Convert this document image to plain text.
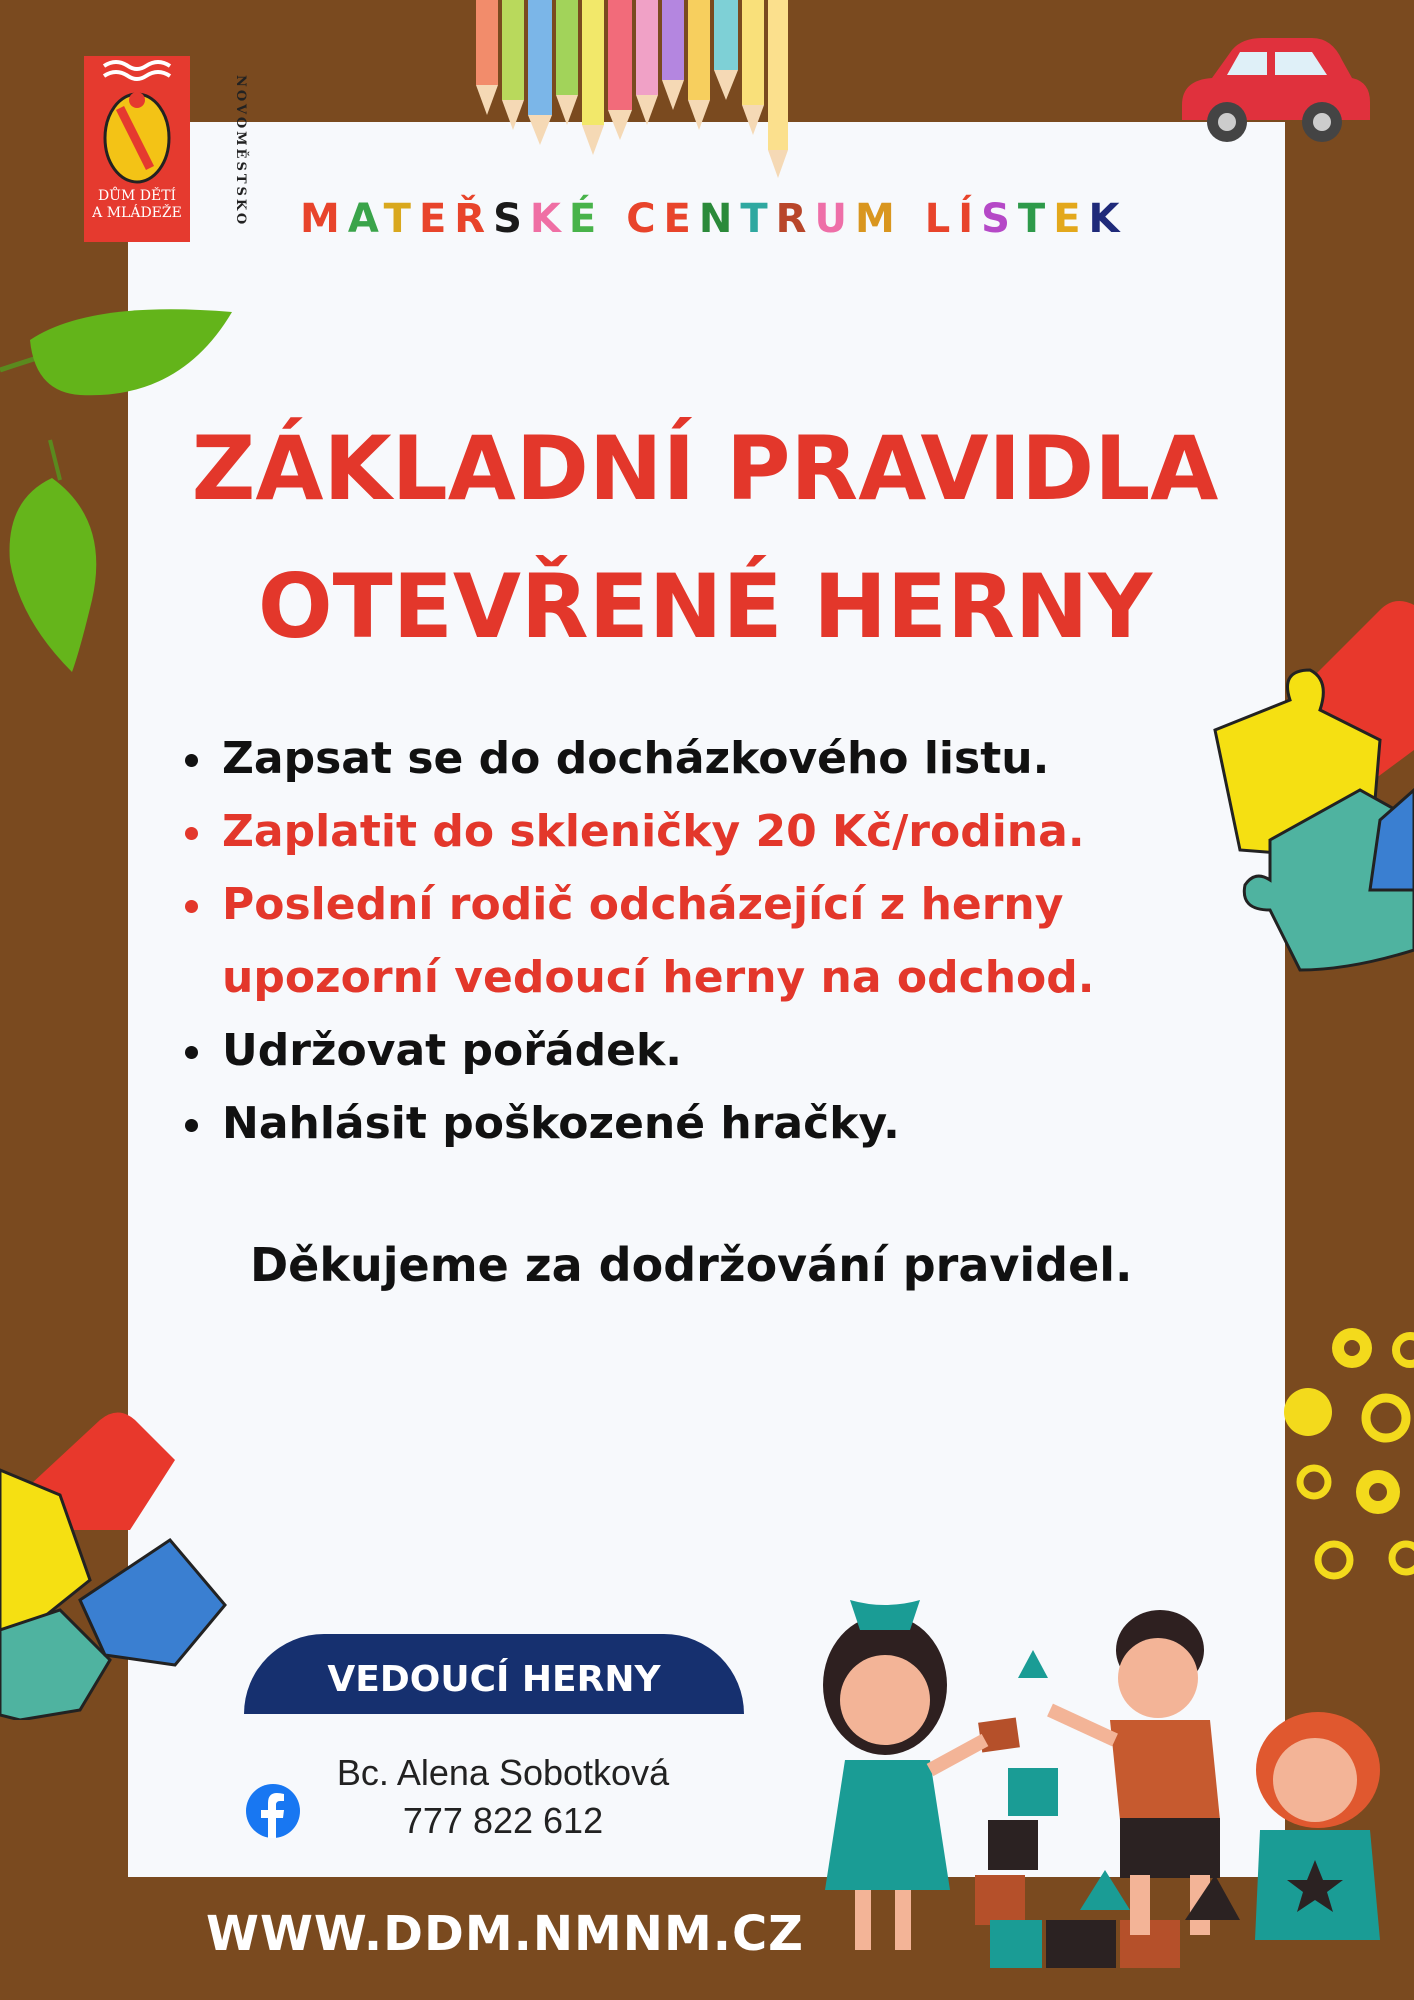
DŮM DĚTÍ
A MLÁDEŽE	NOVOMĚSTSKO MATEŘSKÉ CENTRUM LÍSTEK
ZÁKLADNÍ PRAVIDLA
OTEVŘENÉ HERNY
• Zapsat se do docházkového listu.
• Zaplatit do skleničky 20 Kč/rodina.
• Poslední rodič odcházející z herny upozorní vedoucí herny na odchod.
• Udržovat pořádek.
• Nahlásit poškozené hračky.
Děkujeme za dodržování pravidel.
VEDOUCÍ HERNY
Bc. Alena Sobotková
777 822 612
WWW.DDM.NMNM.CZ
